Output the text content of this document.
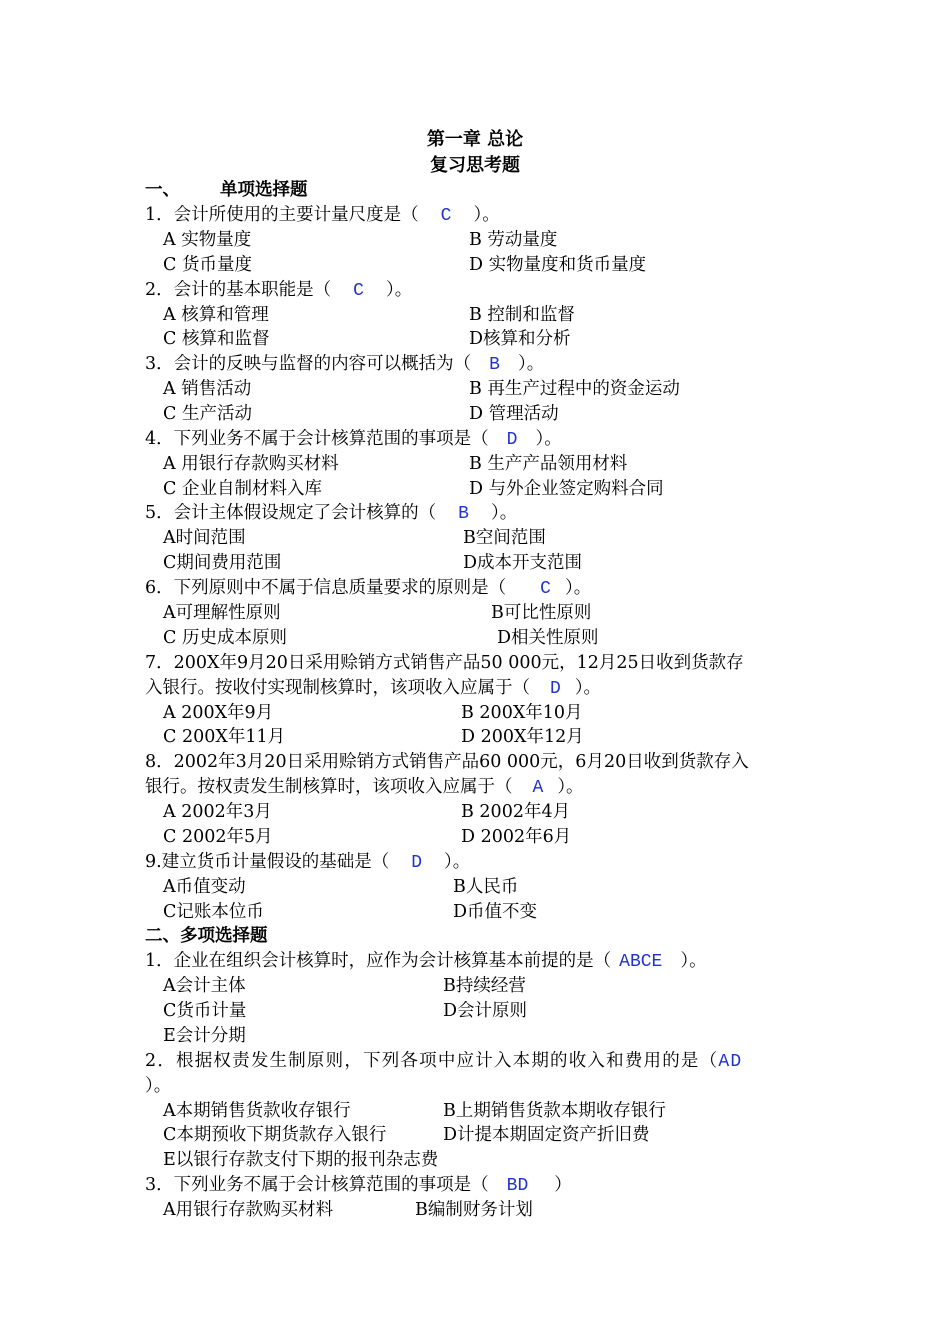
第一章 总论
复习思考题
一、 单项选择题
1．会计所使用的主要计量尺度是（ C ）。
A 实物量度	B 劳动量度
C 货币量度	D 实物量度和货币量度
2．会计的基本职能是（ C ）。
A 核算和管理	B 控制和监督
C 核算和监督	D核算和分析
3．会计的反映与监督的内容可以概括为（ B ）。
A 销售活动	B 再生产过程中的资金运动
C 生产活动	D 管理活动
4．下列业务不属于会计核算范围的事项是（ D ）。
A 用银行存款购买材料	B 生产产品领用材料
C 企业自制材料入库	D 与外企业签定购料合同
5．会计主体假设规定了会计核算的（ B ）。
A时间范围	B空间范围
C期间费用范围	D成本开支范围
6．下列原则中不属于信息质量要求的原则是（ C ）。
A可理解性原则	B可比性原则
C 历史成本原则	D相关性原则
7．200X年9月20日采用赊销方式销售产品50 000元，12月25日收到货款存
入银行。按收付实现制核算时，该项收入应属于（ D ）。
A 200X年9月	B 200X年10月
C 200X年11月	D 200X年12月
8．2002年3月20日采用赊销方式销售产品60 000元，6月20日收到货款存入
银行。按权责发生制核算时，该项收入应属于（ A ）。
A 2002年3月	B 2002年4月
C 2002年5月	D 2002年6月
9.建立货币计量假设的基础是（ D ）。
A币值变动	B人民币
C记账本位币	D币值不变
二、多项选择题
1．企业在组织会计核算时，应作为会计核算基本前提的是（ ABCE ）。
A会计主体	B持续经营
C货币计量	D会计原则
E会计分期
2．根据权责发生制原则，下列各项中应计入本期的收入和费用的是（AD
）。
A本期销售货款收存银行	B上期销售货款本期收存银行
C本期预收下期货款存入银行	D计提本期固定资产折旧费
E以银行存款支付下期的报刊杂志费
3．下列业务不属于会计核算范围的事项是（ BD ）
A用银行存款购买材料	B编制财务计划
